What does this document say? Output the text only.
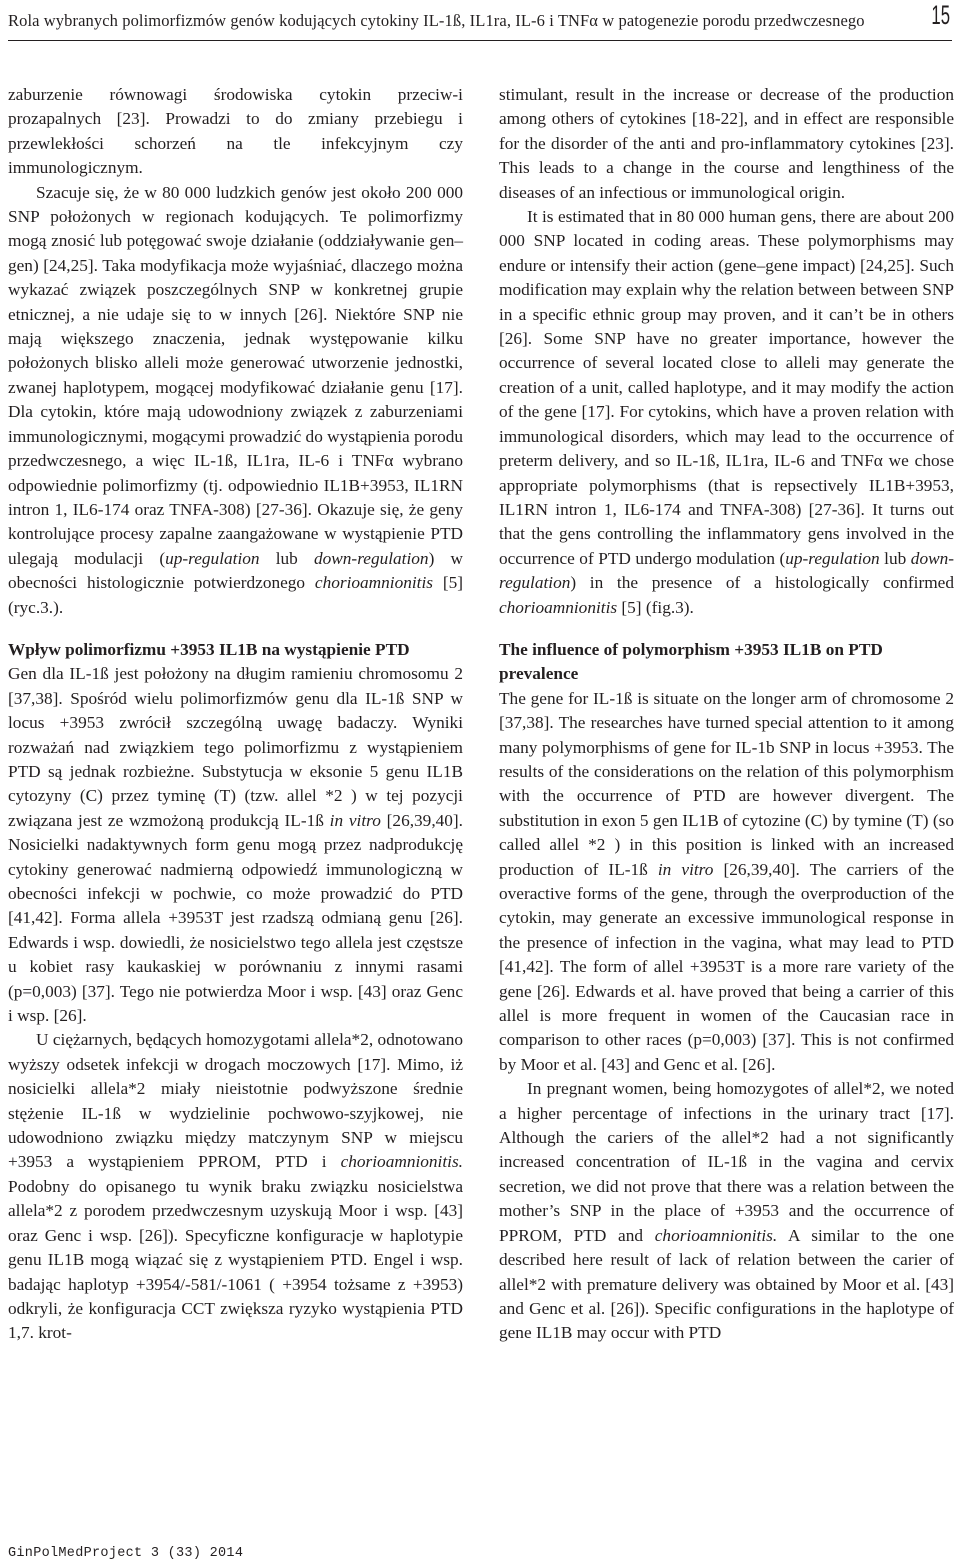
Rola wybranych polimorfizmów genów kodujących cytokiny IL-1ß, IL1ra, IL-6 i TNFα w patogenezie porodu przedwczesnego 15

zaburzenie równowagi środowiska cytokin przeciw-i prozapalnych [23]. Prowadzi to do zmiany przebiegu i przewlekłości schorzeń na tle infekcyjnym czy immunologicznym.

Szacuje się, że w 80 000 ludzkich genów jest około 200 000 SNP położonych w regionach kodujących. Te polimorfizmy mogą znosić lub potęgować swoje działanie (oddziaływanie gen–gen) [24,25]. Taka modyfikacja może wyjaśniać, dlaczego można wykazać związek poszczególnych SNP w konkretnej grupie etnicznej, a nie udaje się to w innych [26]. Niektóre SNP nie mają większego znaczenia, jednak występowanie kilku położonych blisko alleli może generować utworzenie jednostki, zwanej haplotypem, mogącej modyfikować działanie genu [17]. Dla cytokin, które mają udowodniony związek z zaburzeniami immunologicznymi, mogącymi prowadzić do wystąpienia porodu przedwczesnego, a więc IL-1ß, IL1ra, IL-6 i TNFα wybrano odpowiednie polimorfizmy (tj. odpowiednio IL1B+3953, IL1RN intron 1, IL6-174 oraz TNFA-308) [27-36]. Okazuje się, że geny kontrolujące procesy zapalne zaangażowane w wystąpienie PTD ulegają modulacji (up-regulation lub down-regulation) w obecności histologicznie potwierdzonego chorioamnionitis [5] (ryc.3.).

Wpływ polimorfizmu +3953 IL1B na wystąpienie PTD

Gen dla IL-1ß jest położony na długim ramieniu chromosomu 2 [37,38]. Spośród wielu polimorfizmów genu dla IL-1ß SNP w locus +3953 zwrócił szczególną uwagę badaczy. Wyniki rozważań nad związkiem tego polimorfizmu z wystąpieniem PTD są jednak rozbieżne. Substytucja w eksonie 5 genu IL1B cytozyny (C) przez tyminę (T) (tzw. allel *2 ) w tej pozycji związana jest ze wzmożoną produkcją IL-1ß in vitro [26,39,40]. Nosicielki nadaktywnych form genu mogą przez nadprodukcję cytokiny generować nadmierną odpowiedź immunologiczną w obecności infekcji w pochwie, co może prowadzić do PTD [41,42]. Forma allela +3953T jest rzadszą odmianą genu [26]. Edwards i wsp. dowiedli, że nosicielstwo tego allela jest częstsze u kobiet rasy kaukaskiej w porównaniu z innymi rasami (p=0,003) [37]. Tego nie potwierdza Moor i wsp. [43] oraz Genc i wsp. [26].

U ciężarnych, będących homozygotami allela*2, odnotowano wyższy odsetek infekcji w drogach moczowych [17]. Mimo, iż nosicielki allela*2 miały nieistotnie podwyższone średnie stężenie IL-1ß w wydzielinie pochwowo-szyjkowej, nie udowodniono związku między matczynym SNP w miejscu +3953 a wystąpieniem PPROM, PTD i chorioamnionitis. Podobny do opisanego tu wynik braku związku nosicielstwa allela*2 z porodem przedwczesnym uzyskują Moor i wsp. [43] oraz Genc i wsp. [26]). Specyficzne konfiguracje w haplotypie genu IL1B mogą wiązać się z wystąpieniem PTD. Engel i wsp. badając haplotyp +3954/-581/-1061 ( +3954 tożsame z +3953) odkryli, że konfiguracja CCT zwiększa ryzyko wystąpienia PTD 1,7. krot-

stimulant, result in the increase or decrease of the production among others of cytokines [18-22], and in effect are responsible for the disorder of the anti and pro-inflammatory cytokines [23]. This leads to a change in the course and lengthiness of the diseases of an infectious or immunological origin.

It is estimated that in 80 000 human gens, there are about 200 000 SNP located in coding areas. These polymorphisms may endure or intensify their action (gene–gene impact) [24,25]. Such modification may explain why the relation between between SNP in a specific ethnic group may proven, and it can’t be in others [26]. Some SNP have no greater importance, however the occurrence of several located close to alleli may generate the creation of a unit, called haplotype, and it may modify the action of the gene [17]. For cytokins, which have a proven relation with immunological disorders, which may lead to the occurrence of preterm delivery, and so IL-1ß, IL1ra, IL-6 and TNFα we chose appropriate polymorphisms (that is repsectively IL1B+3953, IL1RN intron 1, IL6-174 and TNFA-308) [27-36]. It turns out that the gens controlling the inflammatory gens involved in the occurrence of PTD undergo modulation (up-regulation lub down-regulation) in the presence of a histologically confirmed chorioamnionitis [5] (fig.3).

The influence of polymorphism +3953 IL1B on PTD prevalence

The gene for IL-1ß is situate on the longer arm of chromosome 2 [37,38]. The researches have turned special attention to it among many polymorphisms of gene for IL-1b SNP in locus +3953. The results of the considerations on the relation of this polymorphism with the occurrence of PTD are however divergent. The substitution in exon 5 gen IL1B of cytozine (C) by tymine (T) (so called allel *2 ) in this position is linked with an increased production of IL-1ß in vitro [26,39,40]. The carriers of the overactive forms of the gene, through the overproduction of the cytokin, may generate an excessive immunological response in the presence of infection in the vagina, what may lead to PTD [41,42]. The form of allel +3953T is a more rare variety of the gene [26]. Edwards et al. have proved that being a carrier of this allel is more frequent in women of the Caucasian race in comparison to other races (p=0,003) [37]. This is not confirmed by Moor et al. [43] and Genc et al. [26].

In pregnant women, being homozygotes of allel*2, we noted a higher percentage of infections in the urinary tract [17]. Although the cariers of the allel*2 had a not significantly increased concentration of IL-1ß in the vagina and cervix secretion, we did not prove that there was a relation between the mother’s SNP in the place of +3953 and the occurrence of PPROM, PTD and chorioamnionitis. A similar to the one described here result of lack of relation between the carier of allel*2 with premature delivery was obtained by Moor et al. [43] and Genc et al. [26]). Specific configurations in the haplotype of gene IL1B may occur with PTD

GinPolMedProject 3 (33) 2014
